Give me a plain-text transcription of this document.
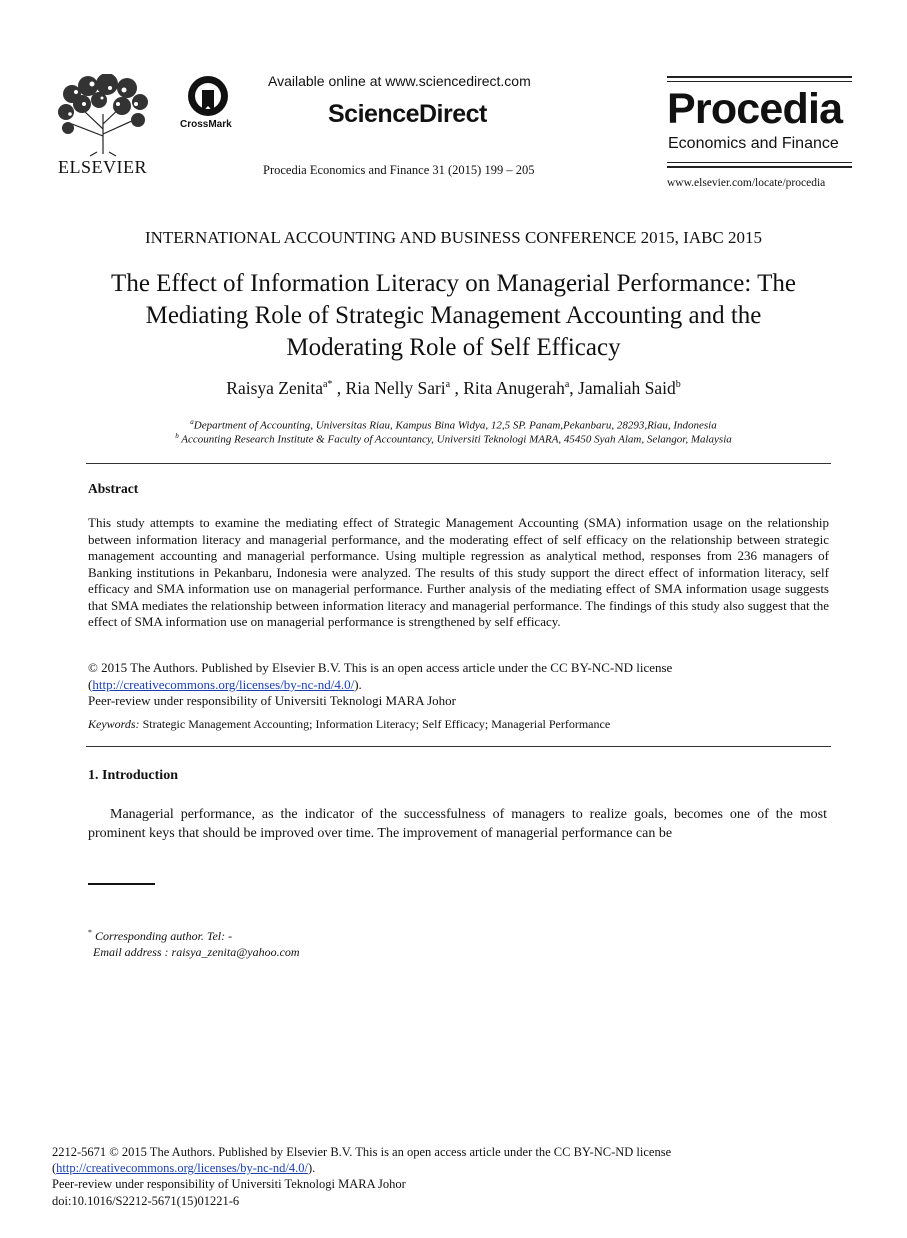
ELSEVIER
CrossMark
Available online at www.sciencedirect.com
ScienceDirect
Procedia Economics and Finance 31 (2015) 199 – 205
Procedia
Economics and Finance
www.elsevier.com/locate/procedia
INTERNATIONAL ACCOUNTING AND BUSINESS CONFERENCE 2015, IABC 2015
The Effect of Information Literacy on Managerial Performance: The
Mediating Role of Strategic Management Accounting and the
Moderating Role of Self Efficacy
Raisya Zenita$^{a*}$ , Ria Nelly Sari$^a$ , Rita Anugerah$^a$, Jamaliah Said$^b$
$^a$Department of Accounting, Universitas Riau, Kampus Bina Widya, 12,5 SP. Panam,Pekanbaru, 28293,Riau, Indonesia
$^b$ Accounting Research Institute & Faculty of Accountancy, Universiti Teknologi MARA, 45450 Syah Alam, Selangor, Malaysia
Abstract
This study attempts to examine the mediating effect of Strategic Management Accounting (SMA) information usage on the relationship between information literacy and managerial performance, and the moderating effect of self efficacy on the relationship between strategic management accounting and managerial performance. Using multiple regression as analytical method, responses from 236 managers of Banking institutions in Pekanbaru, Indonesia were analyzed. The results of this study support the direct effect of information literacy, self efficacy and SMA information use on managerial performance. Further analysis of the mediating effect of SMA information usage suggests that SMA mediates the relationship between information literacy and managerial performance. The findings of this study also suggest that the effect of SMA information use on managerial performance is strengthened by self efficacy.
© 2015 The Authors. Published by Elsevier B.V. This is an open access article under the CC BY-NC-ND license
(http://creativecommons.org/licenses/by-nc-nd/4.0/).
Peer-review under responsibility of Universiti Teknologi MARA Johor
Keywords: Strategic Management Accounting; Information Literacy; Self Efficacy; Managerial Performance
1. Introduction
Managerial performance, as the indicator of the successfulness of managers to realize goals, becomes one of the most prominent keys that should be improved over time. The improvement of managerial performance can be
* Corresponding author. Tel: -
Email address : raisya_zenita@yahoo.com
2212-5671 © 2015 The Authors. Published by Elsevier B.V. This is an open access article under the CC BY-NC-ND license
(http://creativecommons.org/licenses/by-nc-nd/4.0/).
Peer-review under responsibility of Universiti Teknologi MARA Johor
doi:10.1016/S2212-5671(15)01221-6
